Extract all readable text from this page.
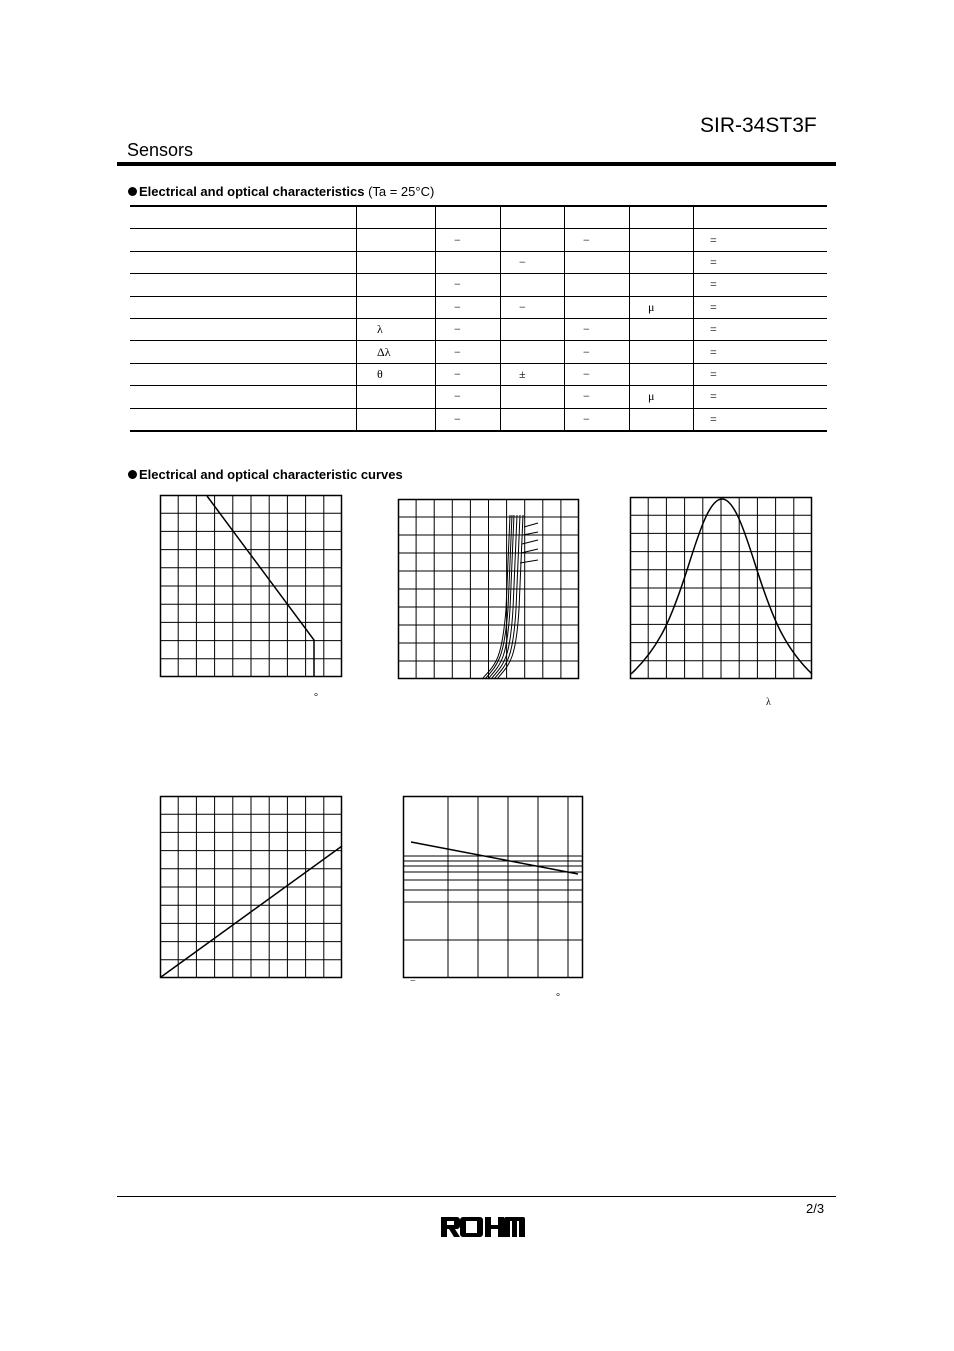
SIR-34ST3F
Sensors
Electrical and optical characteristics (Ta = 25°C)

		−		−		=
			−			=
		−				=
		−	−		μ	=
	λ	−		−		=
	Δλ	−		−		=
	θ	−	±	−		=
		−		−	μ	=
		−		−		=
Electrical and optical characteristic curves
°	λ
−
°
2/3
